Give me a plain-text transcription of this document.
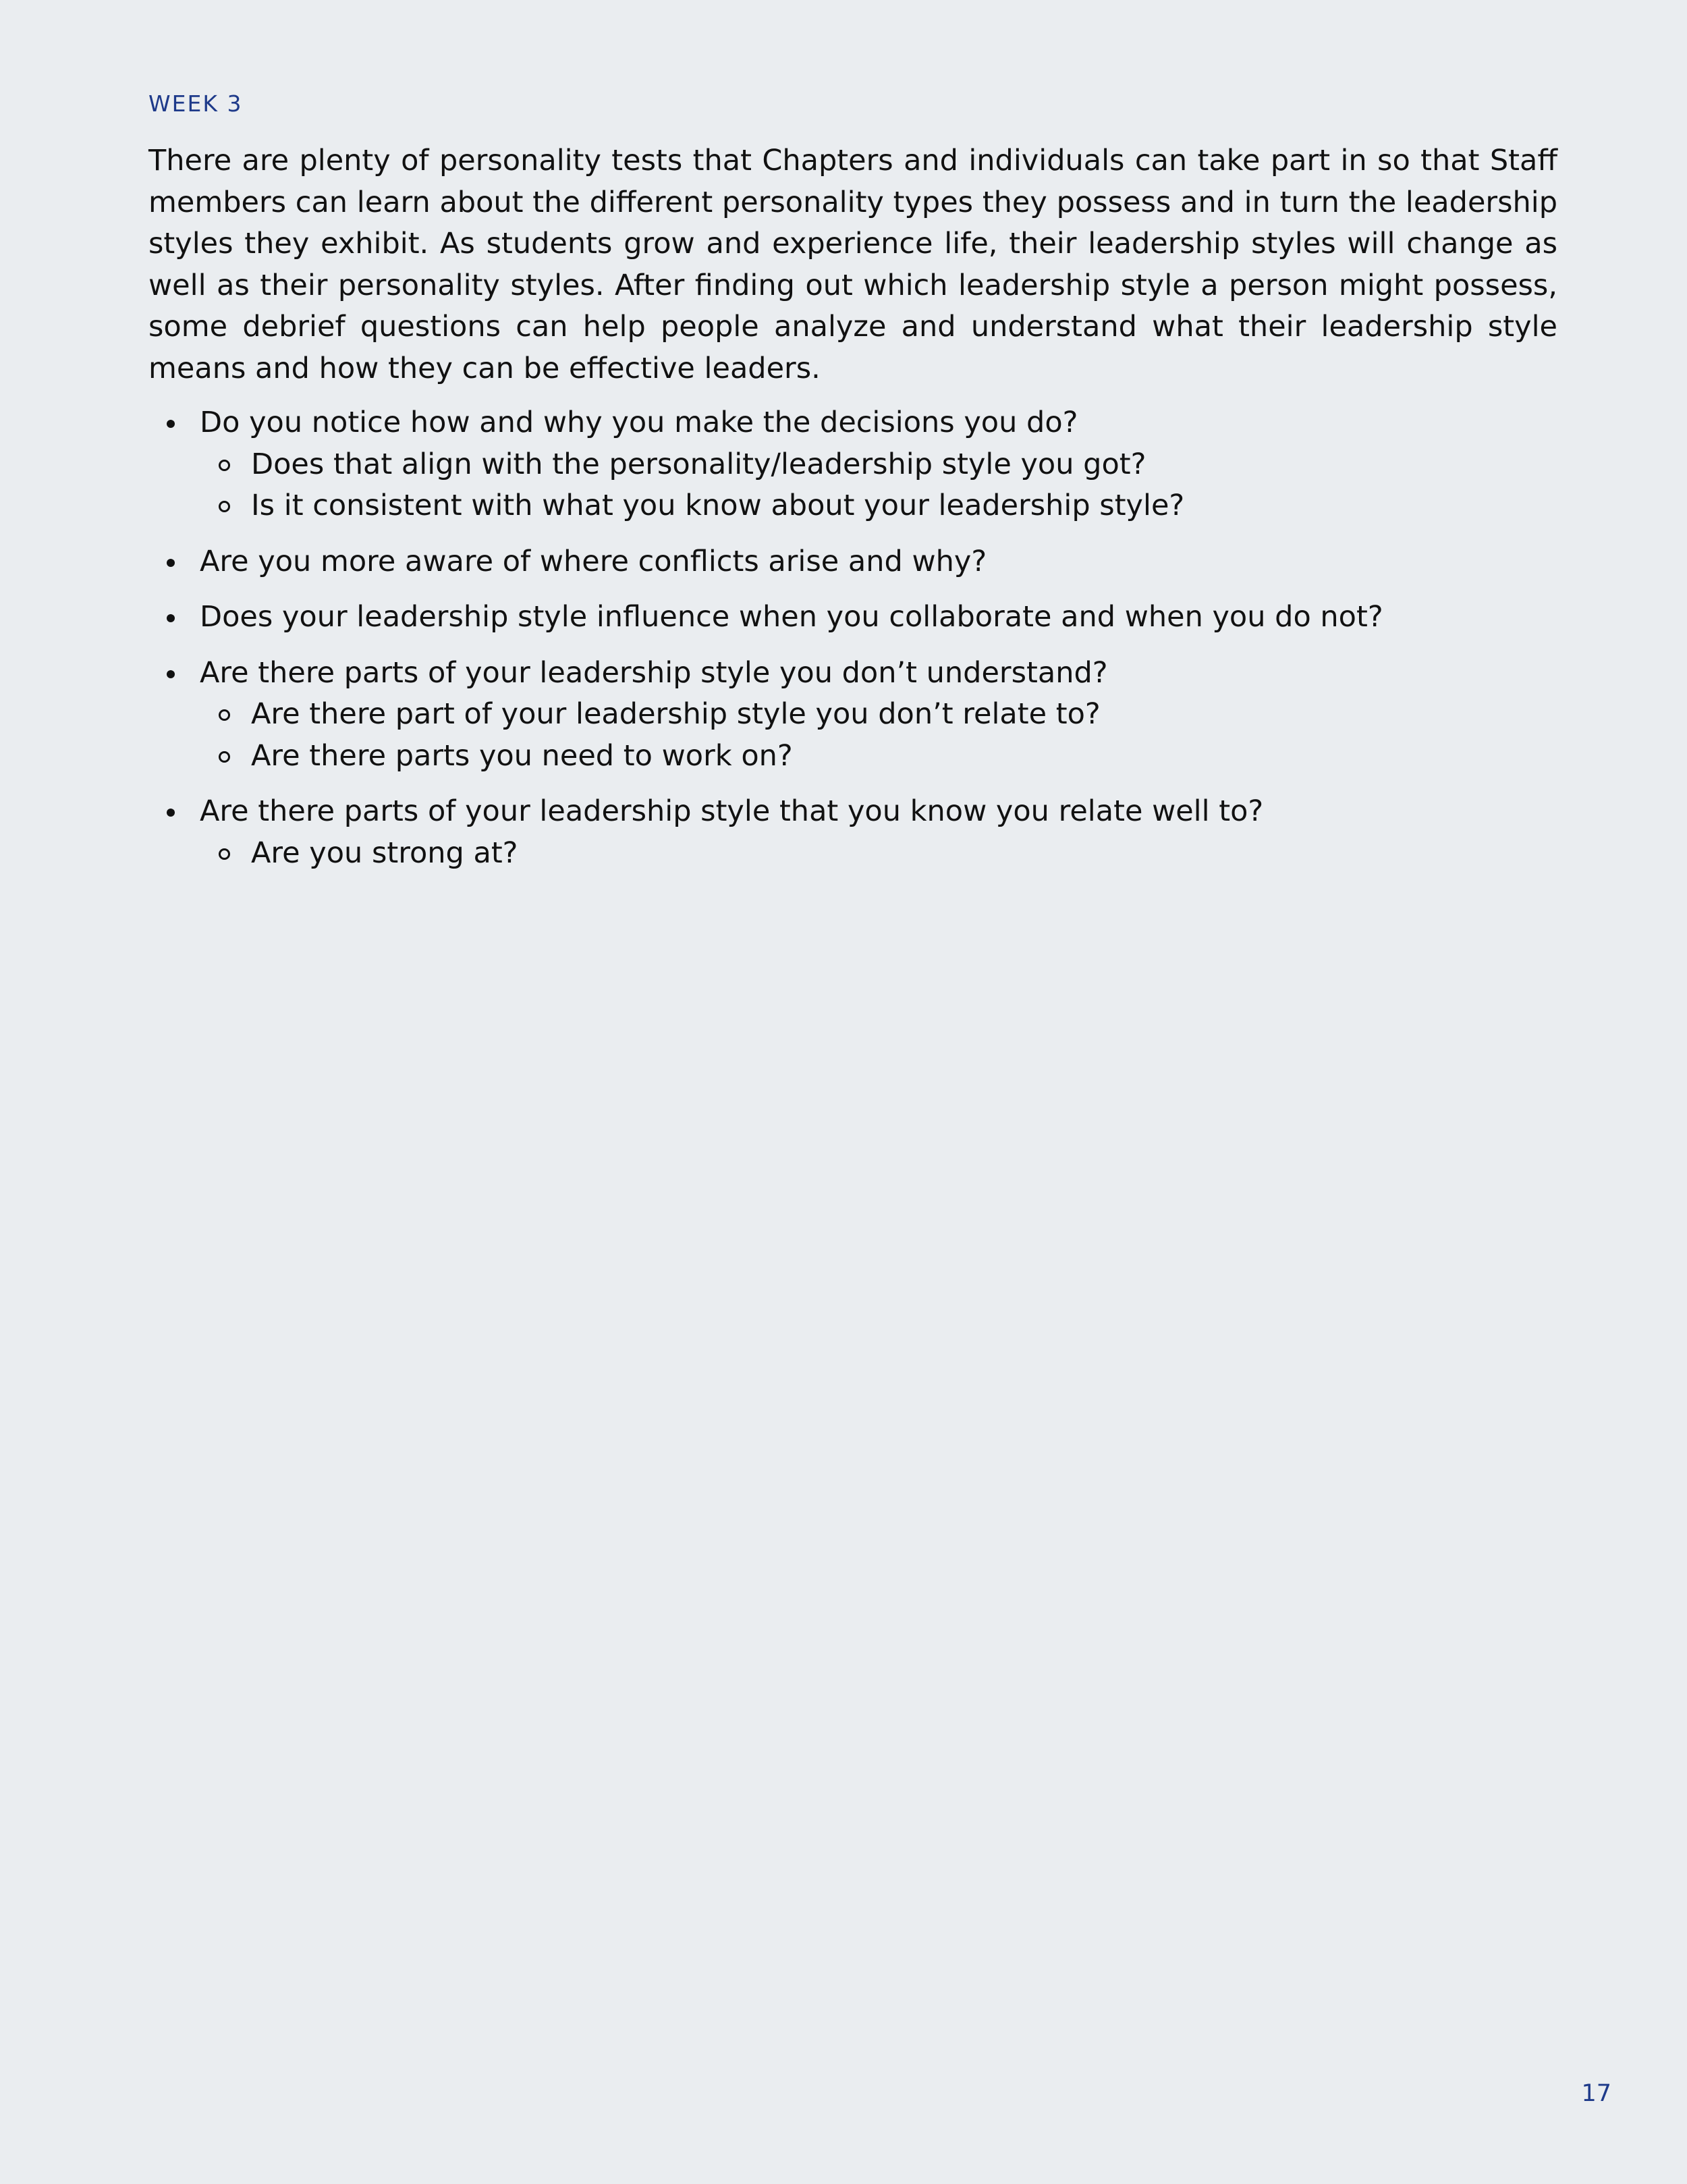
WEEK 3

There are plenty of personality tests that Chapters and individuals can take part in so that Staff members can learn about the different personality types they possess and in turn the leadership styles they exhibit. As students grow and experience life, their leadership styles will change as well as their personality styles. After finding out which leadership style a person might possess, some debrief questions can help people analyze and understand what their leadership style means and how they can be effective leaders.

Do you notice how and why you make the decisions you do?
Does that align with the personality/leadership style you got?
Is it consistent with what you know about your leadership style?
Are you more aware of where conflicts arise and why?
Does your leadership style influence when you collaborate and when you do not?
Are there parts of your leadership style you don’t understand?
Are there part of your leadership style you don’t relate to?
Are there parts you need to work on?
Are there parts of your leadership style that you know you relate well to?
Are you strong at?
17
